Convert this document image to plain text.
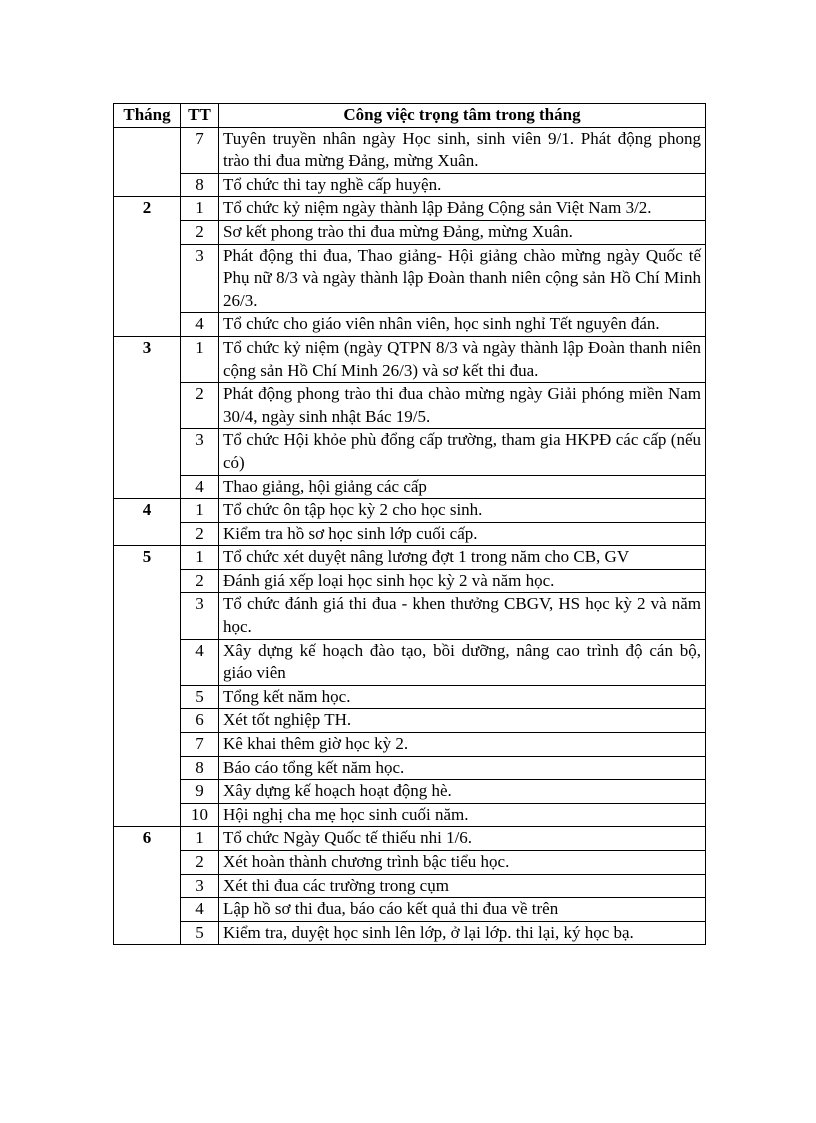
Tháng	TT	Công việc trọng tâm trong tháng
	7	Tuyên truyền nhân ngày Học sinh, sinh viên 9/1. Phát động phong trào thi đua mừng Đảng, mừng Xuân.
	8	Tổ chức thi tay nghề cấp huyện.
2	1	Tổ chức kỷ niệm ngày thành lập Đảng Cộng sản Việt Nam 3/2.
	2	Sơ kết phong trào thi đua mừng Đảng, mừng Xuân.
	3	Phát động thi đua, Thao giảng- Hội giảng chào mừng ngày Quốc tế Phụ nữ 8/3 và ngày thành lập Đoàn thanh niên cộng sản Hồ Chí Minh 26/3.
	4	Tổ chức cho giáo viên nhân viên, học sinh nghỉ Tết nguyên đán.
3	1	Tổ chức kỷ niệm (ngày QTPN 8/3 và ngày thành lập Đoàn thanh niên cộng sản Hồ Chí Minh 26/3) và sơ kết thi đua.
	2	Phát động phong trào thi đua chào mừng ngày Giải phóng miền Nam 30/4, ngày sinh nhật Bác 19/5.
	3	Tổ chức Hội khỏe phù đổng cấp trường, tham gia HKPĐ các cấp (nếu có)
	4	Thao giảng, hội giảng các cấp
4	1	Tổ chức ôn tập học kỳ 2 cho học sinh.
	2	Kiểm tra hồ sơ học sinh lớp cuối cấp.
5	1	Tổ chức xét duyệt nâng lương đợt 1 trong năm cho CB, GV
	2	Đánh giá xếp loại học sinh học kỳ 2 và năm học.
	3	Tổ chức đánh giá thi đua - khen thưởng CBGV, HS học kỳ 2 và năm học.
	4	Xây dựng kế hoạch đào tạo, bồi dưỡng, nâng cao trình độ cán bộ, giáo viên
	5	Tổng kết năm học.
	6	Xét tốt nghiệp TH.
	7	Kê khai thêm giờ học kỳ 2.
	8	Báo cáo tổng kết năm học.
	9	Xây dựng kế hoạch hoạt động hè.
	10	Hội nghị cha mẹ học sinh cuối năm.
6	1	Tổ chức Ngày Quốc tế thiếu nhi 1/6.
	2	Xét hoàn thành chương trình bậc tiểu học.
	3	Xét thi đua các trường trong cụm
	4	Lập hồ sơ thi đua, báo cáo kết quả thi đua về trên
	5	Kiểm tra, duyệt học sinh lên lớp, ở lại lớp. thi lại, ký học bạ.
